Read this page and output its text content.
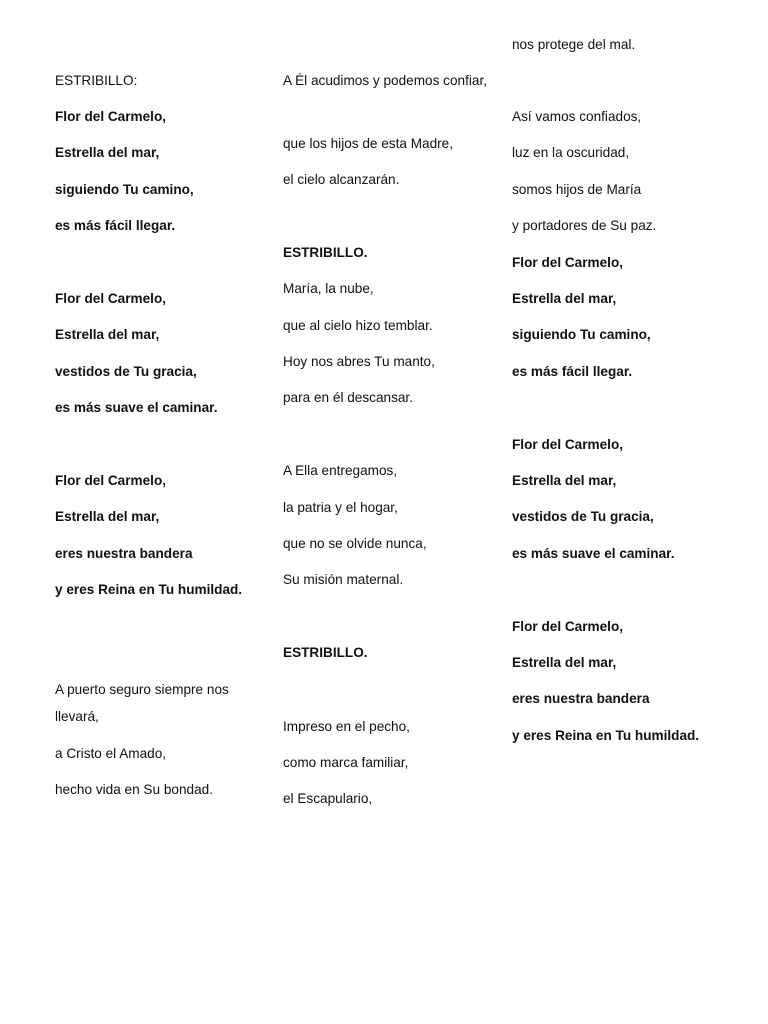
ESTRIBILLO:
Flor del Carmelo,
Estrella del mar,
siguiendo Tu camino,
es más fácil llegar.
Flor del Carmelo,
Estrella del mar,
vestidos de Tu gracia,
es más suave el caminar.
Flor del Carmelo,
Estrella del mar,
eres nuestra bandera
y eres Reina en Tu humildad.
A puerto seguro siempre nos llevará,
a Cristo el Amado,
hecho vida en Su bondad.
A Él acudimos y podemos confiar,
que los hijos de esta Madre,
el cielo alcanzarán.
ESTRIBILLO.
María, la nube,
que al cielo hizo temblar.
Hoy nos abres Tu manto,
para en él descansar.
A Ella entregamos,
la patria y el hogar,
que no se olvide nunca,
Su misión maternal.
ESTRIBILLO.
Impreso en el pecho,
como marca familiar,
el Escapulario,
nos protege del mal.
Así vamos confiados,
luz en la oscuridad,
somos hijos de María
y portadores de Su paz.
Flor del Carmelo,
Estrella del mar,
siguiendo Tu camino,
es más fácil llegar.
Flor del Carmelo,
Estrella del mar,
vestidos de Tu gracia,
es más suave el caminar.
Flor del Carmelo,
Estrella del mar,
eres nuestra bandera
y eres Reina en Tu humildad.
